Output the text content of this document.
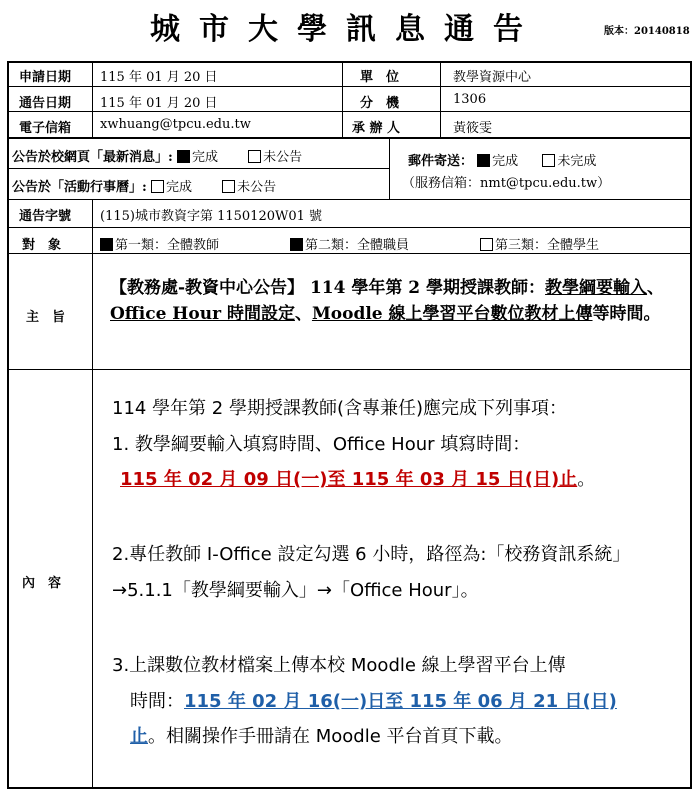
城市大學訊息通告	版本：20140818
申請日期 115 年 01 月 20 日	單　位	教學資源中心
通告日期 115 年 01 月 20 日	分　機	1306
電子信箱 xwhuang@tpcu.edu.tw	承 辦 人	黃筱雯
公告於校網頁「最新消息」: 完成	未公告
公告於「活動行事曆」: 完成	未公告
郵件寄送： 完成	未完成
（服務信箱：nmt@tpcu.edu.tw）
通告字號 (115)城市教資字第 1150120W01 號
對　象	第一類：全體教師	第二類：全體職員	第三類：全體學生
主　旨
【教務處-教資中心公告】 114 學年第 2 學期授課教師：教學綱要輸入、Office Hour 時間設定、Moodle 線上學習平台數位教材上傳等時間。
內　容
114 學年第 2 學期授課教師(含專兼任)應完成下列事項：
1. 教學綱要輸入填寫時間、Office Hour 填寫時間：
115 年 02 月 09 日(一)至 115 年 03 月 15 日(日)止。
2.專任教師 I-Office 設定勾選 6 小時，路徑為:「校務資訊系統」
→5.1.1「教學綱要輸入」→「Office Hour」。
3.上課數位教材檔案上傳本校 Moodle 線上學習平台上傳
時間：115 年 02 月 16(一)日至 115 年 06 月 21 日(日)
止。相關操作手冊請在 Moodle 平台首頁下載。
